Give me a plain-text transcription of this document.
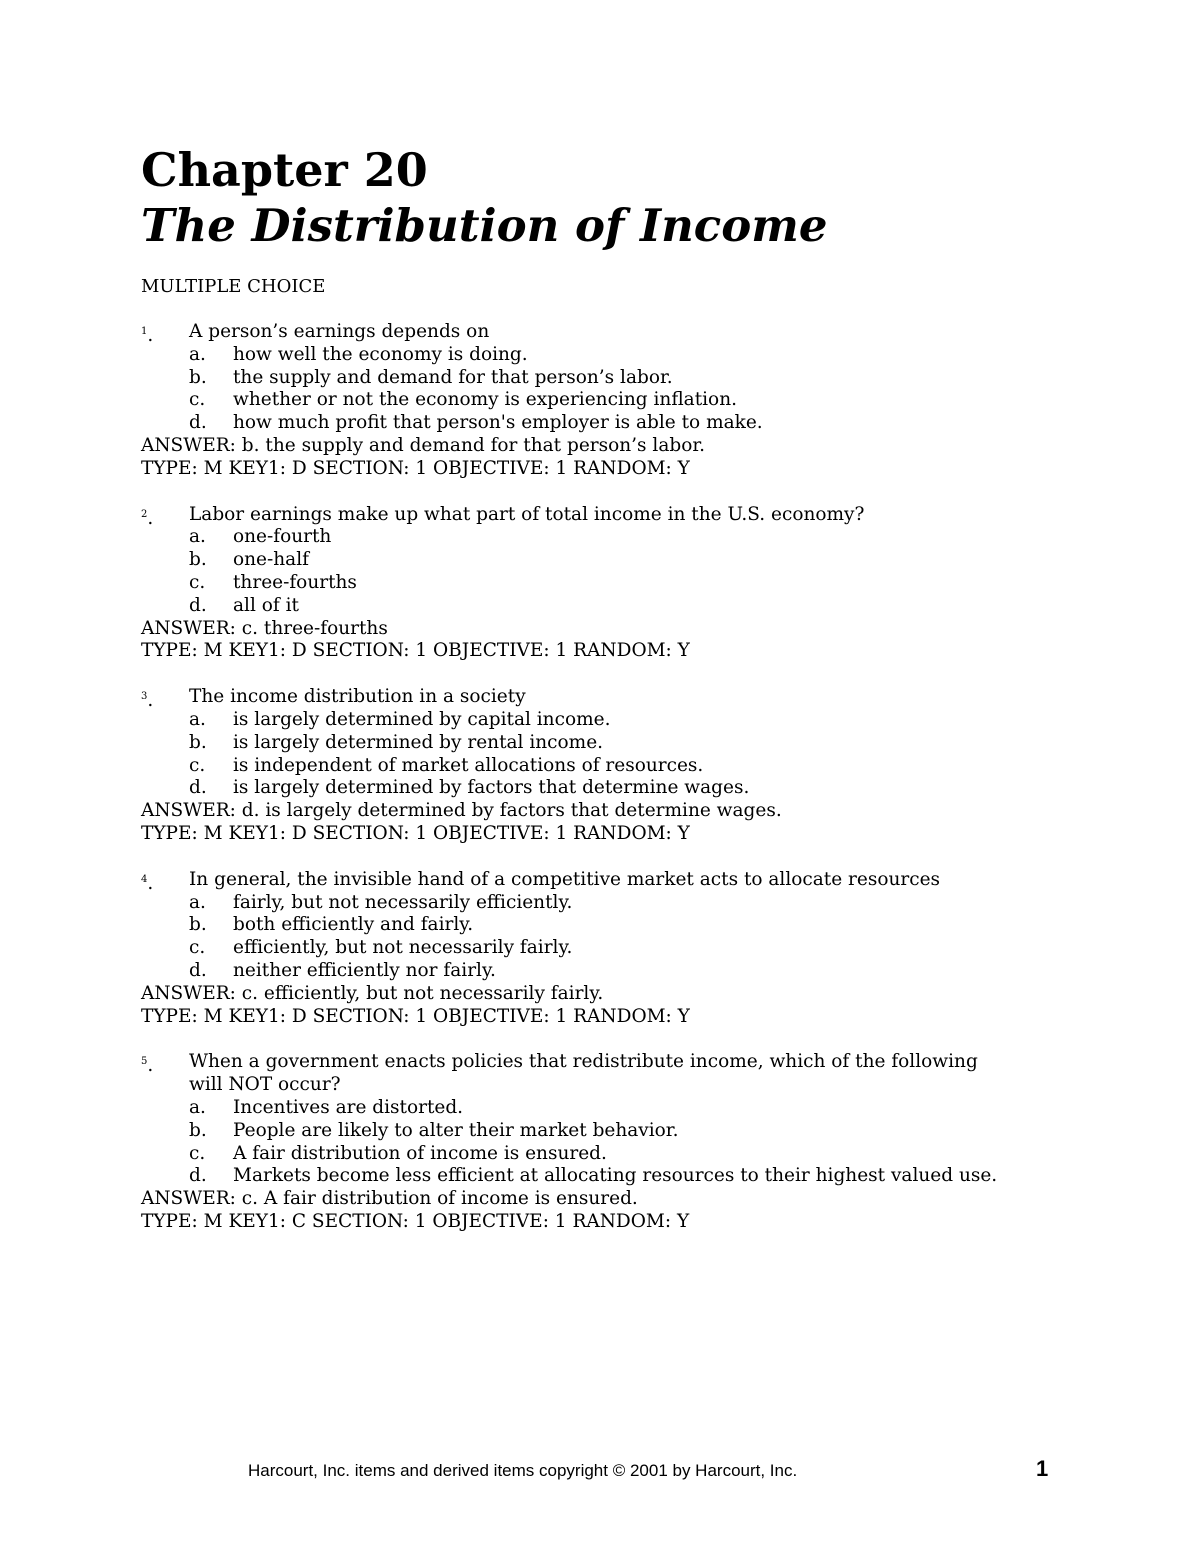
Chapter 20
The Distribution of Income
MULTIPLE CHOICE
$^1$. A person’s earnings depends on
a. how well the economy is doing.
b. the supply and demand for that person’s labor.
c. whether or not the economy is experiencing inflation.
d. how much profit that person's employer is able to make.
ANSWER: b. the supply and demand for that person’s labor.
TYPE: M KEY1: D SECTION: 1 OBJECTIVE: 1 RANDOM: Y
$^2$. Labor earnings make up what part of total income in the U.S. economy?
a. one-fourth
b. one-half
c. three-fourths
d. all of it
ANSWER: c. three-fourths
TYPE: M KEY1: D SECTION: 1 OBJECTIVE: 1 RANDOM: Y
$^3$. The income distribution in a society
a. is largely determined by capital income.
b. is largely determined by rental income.
c. is independent of market allocations of resources.
d. is largely determined by factors that determine wages.
ANSWER: d. is largely determined by factors that determine wages.
TYPE: M KEY1: D SECTION: 1 OBJECTIVE: 1 RANDOM: Y
$^4$. In general, the invisible hand of a competitive market acts to allocate resources
a. fairly, but not necessarily efficiently.
b. both efficiently and fairly.
c. efficiently, but not necessarily fairly.
d. neither efficiently nor fairly.
ANSWER: c. efficiently, but not necessarily fairly.
TYPE: M KEY1: D SECTION: 1 OBJECTIVE: 1 RANDOM: Y
$^5$. When a government enacts policies that redistribute income, which of the following
will NOT occur?
a. Incentives are distorted.
b. People are likely to alter their market behavior.
c. A fair distribution of income is ensured.
d. Markets become less efficient at allocating resources to their highest valued use.
ANSWER: c. A fair distribution of income is ensured.
TYPE: M KEY1: C SECTION: 1 OBJECTIVE: 1 RANDOM: Y
Harcourt, Inc. items and derived items copyright © 2001 by Harcourt, Inc.	1
